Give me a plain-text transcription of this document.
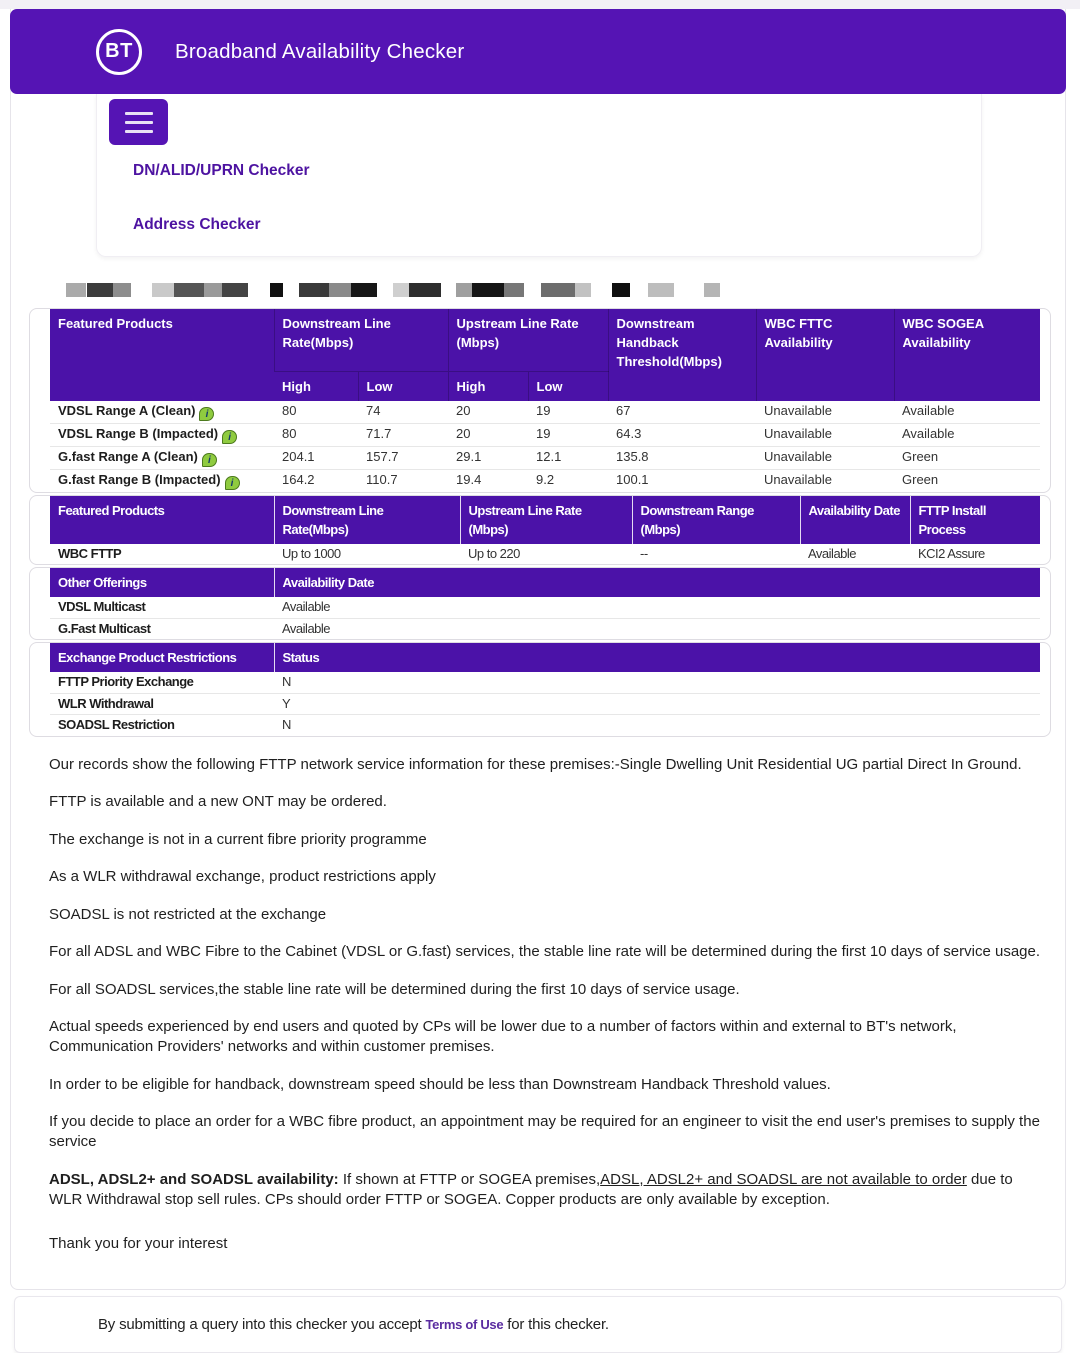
BT Broadband Availability Checker
DN/ALID/UPRN Checker
Address Checker
Featured Products	Downstream Line Rate(Mbps)		Upstream Line Rate (Mbps)		Downstream Handback Threshold(Mbps)	WBC FTTC Availability	WBC SOGEA Availability
	High	Low	High	Low			
VDSL Range A (Clean) i	80	74	20	19	67	Unavailable	Available
VDSL Range B (Impacted) i	80	71.7	20	19	64.3	Unavailable	Available
G.fast Range A (Clean) i	204.1	157.7	29.1	12.1	135.8	Unavailable	Green
G.fast Range B (Impacted) i	164.2	110.7	19.4	9.2	100.1	Unavailable	Green
Featured Products	Downstream Line Rate(Mbps)	Upstream Line Rate (Mbps)	Downstream Range (Mbps)	Availability Date	FTTP Install Process
WBC FTTP	Up to 1000	Up to 220	--	Available	KCI2 Assure
Other Offerings	Availability Date
VDSL Multicast	Available
G.Fast Multicast	Available
Exchange Product Restrictions	Status
FTTP Priority Exchange	N
WLR Withdrawal	Y
SOADSL Restriction	N

Our records show the following FTTP network service information for these premises:-Single Dwelling Unit Residential UG partial Direct In Ground.

FTTP is available and a new ONT may be ordered.

The exchange is not in a current fibre priority programme

As a WLR withdrawal exchange, product restrictions apply

SOADSL is not restricted at the exchange

For all ADSL and WBC Fibre to the Cabinet (VDSL or G.fast) services, the stable line rate will be determined during the first 10 days of service usage.

For all SOADSL services,the stable line rate will be determined during the first 10 days of service usage.

Actual speeds experienced by end users and quoted by CPs will be lower due to a number of factors within and external to BT's network, Communication Providers' networks and within customer premises.

In order to be eligible for handback, downstream speed should be less than Downstream Handback Threshold values.

If you decide to place an order for a WBC fibre product, an appointment may be required for an engineer to visit the end user's premises to supply the service

ADSL, ADSL2+ and SOADSL availability: If shown at FTTP or SOGEA premises,ADSL, ADSL2+ and SOADSL are not available to order due to WLR Withdrawal stop sell rules. CPs should order FTTP or SOGEA. Copper products are only available by exception.

Thank you for your interest

By submitting a query into this checker you accept Terms of Use for this checker.
